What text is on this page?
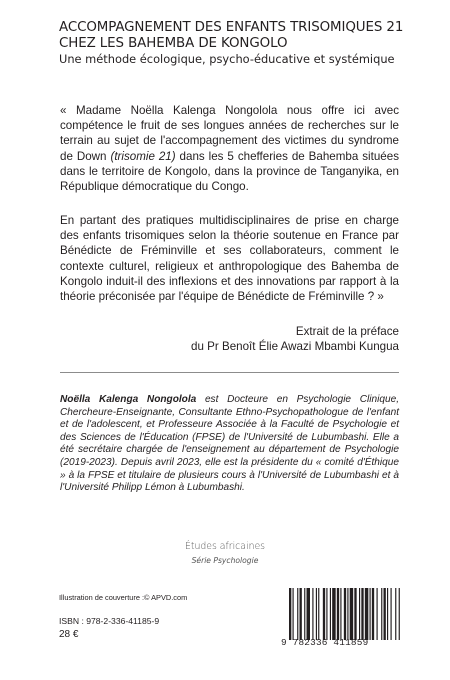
ACCOMPAGNEMENT DES ENFANTS TRISOMIQUES 21
CHEZ LES BAHEMBA DE KONGOLO
Une méthode écologique, psycho-éducative et systémique
« Madame Noëlla Kalenga Nongolola nous offre ici avec compétence le fruit de ses longues années de recherches sur le terrain au sujet de l'accompagnement des victimes du syndrome de Down (trisomie 21) dans les 5 chefferies de Bahemba situées dans le territoire de Kongolo, dans la province de Tanganyika, en République démocratique du Congo.
En partant des pratiques multidisciplinaires de prise en charge des enfants trisomiques selon la théorie soutenue en France par Bénédicte de Fréminville et ses collaborateurs, comment le contexte culturel, religieux et anthropologique des Bahemba de Kongolo induit-il des inflexions et des innovations par rapport à la théorie préconisée par l'équipe de Bénédicte de Fréminville ? »
Extrait de la préface
du Pr Benoît Élie Awazi Mbambi Kungua
Noëlla Kalenga Nongolola est Docteure en Psychologie Clinique, Chercheure-Enseignante, Consultante Ethno-Psychopathologue de l'enfant et de l'adolescent, et Professeure Associée à la Faculté de Psychologie et des Sciences de l'Éducation (FPSE) de l'Université de Lubumbashi. Elle a été secrétaire chargée de l'enseignement au département de Psychologie (2019-2023). Depuis avril 2023, elle est la présidente du « comité d'Éthique » à la FPSE et titulaire de plusieurs cours à l'Université de Lubumbashi et à l'Université Philipp Lémon à Lubumbashi.
Études africaines
Série Psychologie
Illustration de couverture :© APVD.com
ISBN : 978-2-336-41185-9
28 €
9 782336 411859
